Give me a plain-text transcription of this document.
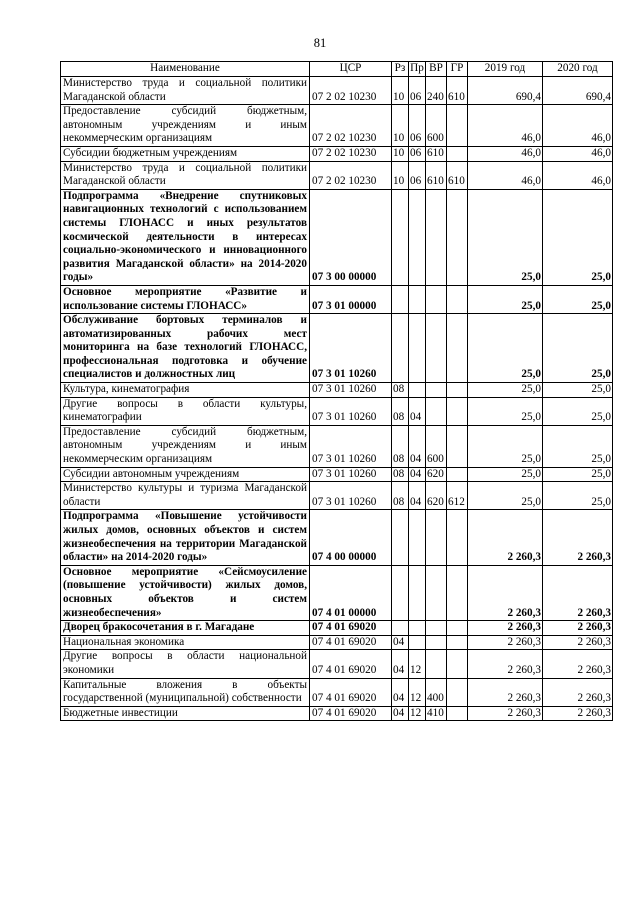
81
Наименование	ЦСР	Рз	Пр	ВР	ГР	2019 год	2020 год
Министерство труда и социальной политики Магаданской области	07 2 02 10230	10	06	240	610	690,4	690,4
Предоставление субсидий бюджетным, автономным учреждениям и иным некоммерческим организациям	07 2 02 10230	10	06	600		46,0	46,0
Субсидии бюджетным учреждениям	07 2 02 10230	10	06	610		46,0	46,0
Министерство труда и социальной политики Магаданской области	07 2 02 10230	10	06	610	610	46,0	46,0
Подпрограмма «Внедрение спутниковых навигационных технологий с использованием системы ГЛОНАСС и иных результатов космической деятельности в интересах социально-экономического и инновационного развития Магаданской области» на 2014-2020 годы»	07 3 00 00000					25,0	25,0
Основное мероприятие «Развитие и использование системы ГЛОНАСС»	07 3 01 00000					25,0	25,0
Обслуживание бортовых терминалов и автоматизированных рабочих мест мониторинга на базе технологий ГЛОНАСС, профессиональная подготовка и обучение специалистов и должностных лиц	07 3 01 10260					25,0	25,0
Культура, кинематография	07 3 01 10260	08				25,0	25,0
Другие вопросы в области культуры, кинематографии	07 3 01 10260	08	04			25,0	25,0
Предоставление субсидий бюджетным, автономным учреждениям и иным некоммерческим организациям	07 3 01 10260	08	04	600		25,0	25,0
Субсидии автономным учреждениям	07 3 01 10260	08	04	620		25,0	25,0
Министерство культуры и туризма Магаданской области	07 3 01 10260	08	04	620	612	25,0	25,0
Подпрограмма «Повышение устойчивости жилых домов, основных объектов и систем жизнеобеспечения на территории Магаданской области» на 2014-2020 годы»	07 4 00 00000					2 260,3	2 260,3
Основное мероприятие «Сейсмоусиление (повышение устойчивости) жилых домов, основных объектов и систем жизнеобеспечения»	07 4 01 00000					2 260,3	2 260,3
Дворец бракосочетания в г. Магадане	07 4 01 69020					2 260,3	2 260,3
Национальная экономика	07 4 01 69020	04				2 260,3	2 260,3
Другие вопросы в области национальной экономики	07 4 01 69020	04	12			2 260,3	2 260,3
Капитальные вложения в объекты государственной (муниципальной) собственности	07 4 01 69020	04	12	400		2 260,3	2 260,3
Бюджетные инвестиции	07 4 01 69020	04	12	410		2 260,3	2 260,3
